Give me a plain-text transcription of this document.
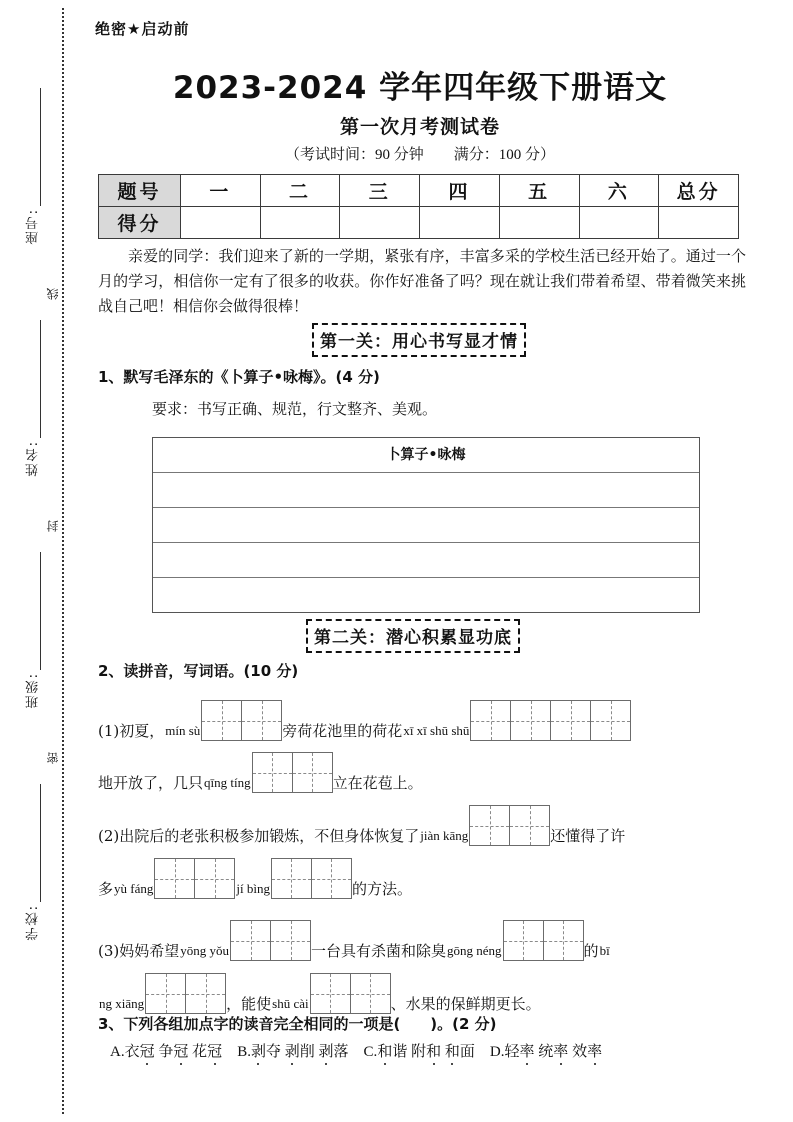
座号:
线
姓名:
封
班级:
密
学校:
绝密★启动前
2023-2024 学年四年级下册语文
第一次月考测试卷
（考试时间：90 分钟　　满分：100 分）
题号	一	二	三	四	五	六	总分
得分							
亲爱的同学：我们迎来了新的一学期，紧张有序，丰富多采的学校生活已经开始了。通过一个月的学习，相信你一定有了很多的收获。你作好准备了吗？现在就让我们带着希望、带着微笑来挑战自己吧！相信你会做得很棒！
第一关：用心书写显才情
1、默写毛泽东的《卜算子•咏梅》。(4 分)
要求：书写正确、规范，行文整齐、美观。
卜算子•咏梅
第二关：潜心积累显功底
2、读拼音，写词语。(10 分)
(1)初夏， mín sù	旁荷花池里的荷花 xī xī shū shū
地开放了，几只 qīng tíng	立在花苞上。
(2)出院后的老张积极参加锻炼，不但身体恢复了 jiàn kāng	还懂得了许
多 yù fáng	jí bìng	的方法。
(3)妈妈希望 yōng yǒu	一台具有杀菌和除臭 gōng néng	的 bī
ng xiāng	，能使 shū cài	、水果的保鲜期更长。
3、下列各组加点字的读音完全相同的一项是(　　)。(2 分)
A.衣冠 争冠 花冠 B.剥夺 剥削 剥落 C.和谐 附和 和面 D.轻率 统率 效率
